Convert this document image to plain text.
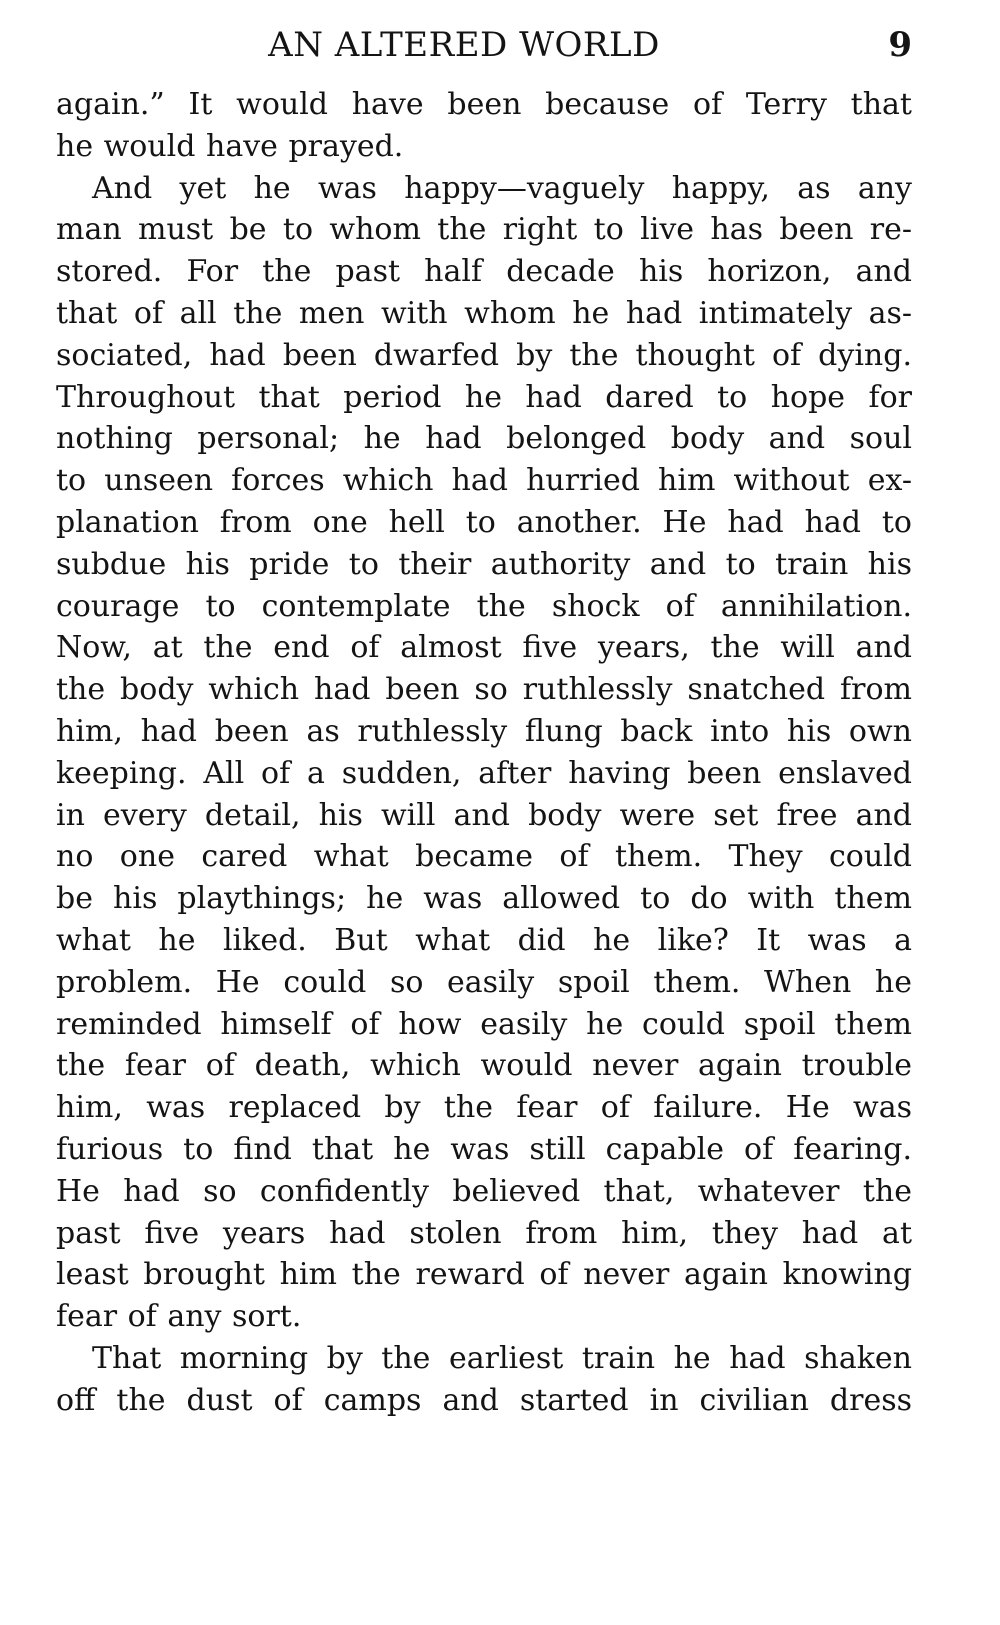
AN ALTERED WORLD	9
again.” It would have been because of Terry that
he would have prayed.
And yet he was happy—vaguely happy, as any
man must be to whom the right to live has been re-
stored. For the past half decade his horizon, and
that of all the men with whom he had intimately as-
sociated, had been dwarfed by the thought of dying.
Throughout that period he had dared to hope for
nothing personal; he had belonged body and soul
to unseen forces which had hurried him without ex-
planation from one hell to another. He had had to
subdue his pride to their authority and to train his
courage to contemplate the shock of annihilation.
Now, at the end of almost five years, the will and
the body which had been so ruthlessly snatched from
him, had been as ruthlessly flung back into his own
keeping. All of a sudden, after having been enslaved
in every detail, his will and body were set free and
no one cared what became of them. They could
be his playthings; he was allowed to do with them
what he liked. But what did he like? It was a
problem. He could so easily spoil them. When he
reminded himself of how easily he could spoil them
the fear of death, which would never again trouble
him, was replaced by the fear of failure. He was
furious to find that he was still capable of fearing.
He had so confidently believed that, whatever the
past five years had stolen from him, they had at
least brought him the reward of never again knowing
fear of any sort.
That morning by the earliest train he had shaken
off the dust of camps and started in civilian dress
